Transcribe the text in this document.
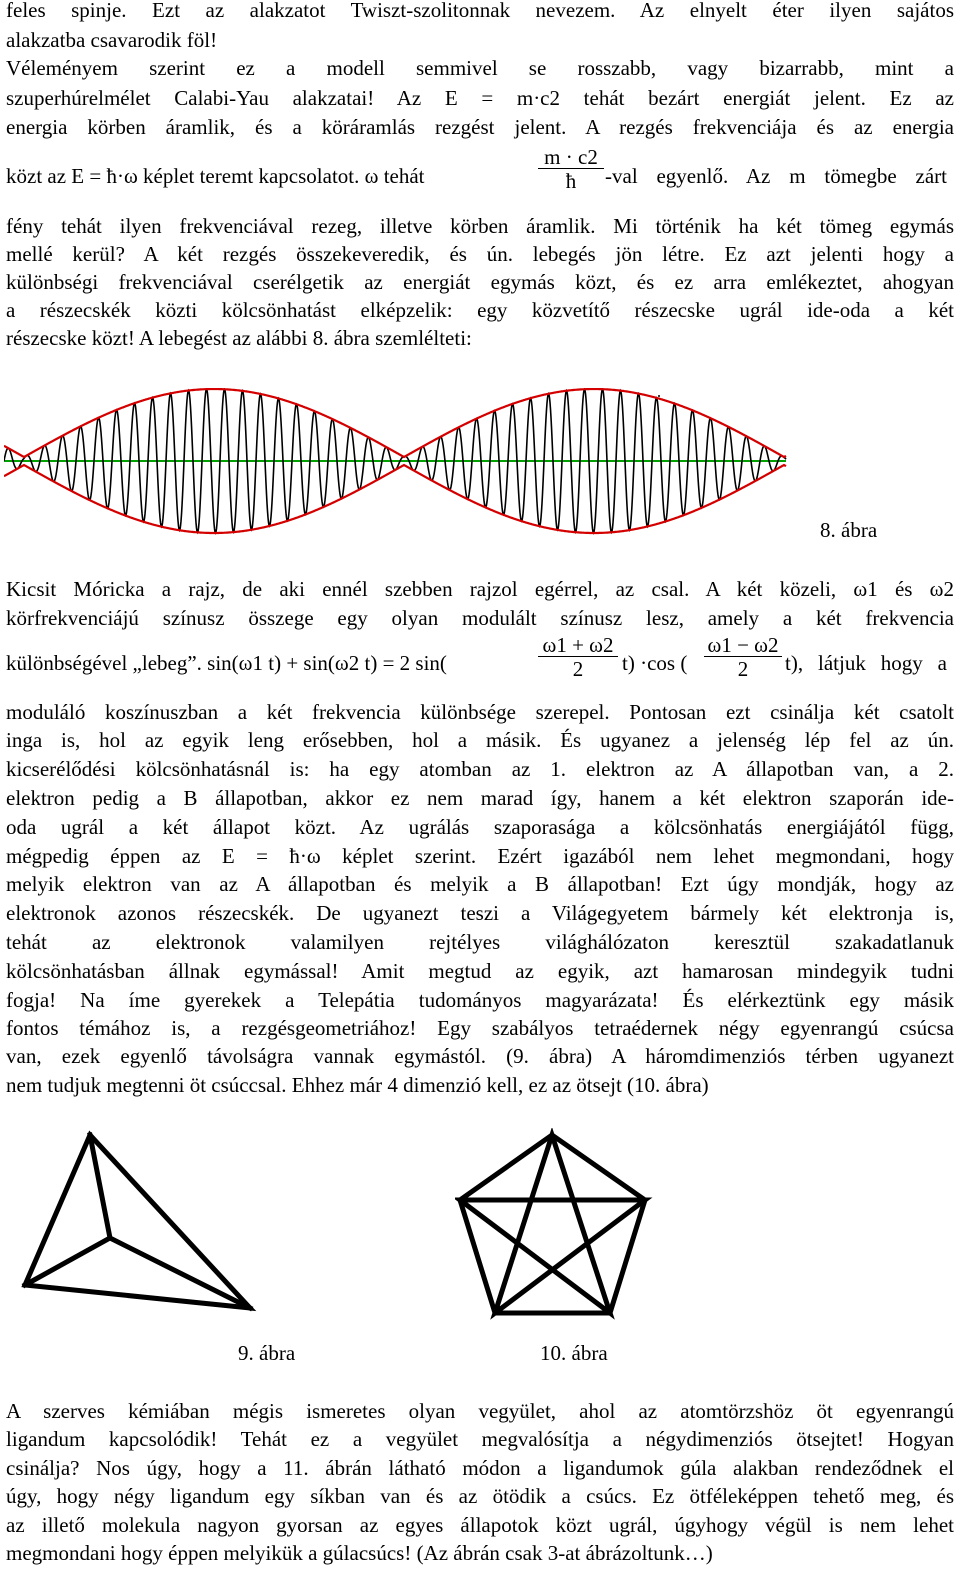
feles spinje. Ezt az alakzatot Twiszt-szolitonnak nevezem. Az elnyelt éter ilyen sajátos
alakzatba csavarodik föl!
Véleményem szerint ez a modell semmivel se rosszabb, vagy bizarrabb, mint a
szuperhúrelmélet Calabi-Yau alakzatai! Az E = m·c2 tehát bezárt energiát jelent. Ez az
energia körben áramlik, és a köráramlás rezgést jelent. A rezgés frekvenciája és az energia
közt az E = ħ·ω képlet teremt kapcsolatot. ω tehát
m · c2
ħ	-val egyenlő. Az m tömegbe zárt
fény tehát ilyen frekvenciával rezeg, illetve körben áramlik. Mi történik ha két tömeg egymás
mellé kerül? A két rezgés összekeveredik, és ún. lebegés jön létre. Ez azt jelenti hogy a
különbségi frekvenciával cserélgetik az energiát egymás közt, és ez arra emlékeztet, ahogyan
a részecskék közti kölcsönhatást elképzelik: egy közvetítő részecske ugrál ide-oda a két
részecske közt! A lebegést az alábbi 8. ábra szemlélteti:
8. ábra
Kicsit Móricka a rajz, de aki ennél szebben rajzol egérrel, az csal. A két közeli, ω1 és ω2
körfrekvenciájú színusz összege egy olyan modulált színusz lesz, amely a két frekvencia
különbségével „lebeg”. sin(ω1 t) + sin(ω2 t) = 2 sin(
ω1 + ω2
2	t) ·cos (
ω1 − ω2
2	t), látjuk hogy a
moduláló koszínuszban a két frekvencia különbsége szerepel. Pontosan ezt csinálja két csatolt
inga is, hol az egyik leng erősebben, hol a másik. És ugyanez a jelenség lép fel az ún.
kicserélődési kölcsönhatásnál is: ha egy atomban az 1. elektron az A állapotban van, a 2.
elektron pedig a B állapotban, akkor ez nem marad így, hanem a két elektron szaporán ide-
oda ugrál a két állapot közt. Az ugrálás szaporasága a kölcsönhatás energiájától függ,
mégpedig éppen az E = ħ·ω képlet szerint. Ezért igazából nem lehet megmondani, hogy
melyik elektron van az A állapotban és melyik a B állapotban! Ezt úgy mondják, hogy az
elektronok azonos részecskék. De ugyanezt teszi a Világegyetem bármely két elektronja is,
tehát az elektronok valamilyen rejtélyes világhálózaton keresztül szakadatlanuk
kölcsönhatásban állnak egymással! Amit megtud az egyik, azt hamarosan mindegyik tudni
fogja! Na íme gyerekek a Telepátia tudományos magyarázata! És elérkeztünk egy másik
fontos témához is, a rezgésgeometriához! Egy szabályos tetraédernek négy egyenrangú csúcsa
van, ezek egyenlő távolságra vannak egymástól. (9. ábra) A háromdimenziós térben ugyanezt
nem tudjuk megtenni öt csúccsal. Ehhez már 4 dimenzió kell, ez az ötsejt (10. ábra)
9. ábra	10. ábra
A szerves kémiában mégis ismeretes olyan vegyület, ahol az atomtörzshöz öt egyenrangú
ligandum kapcsolódik! Tehát ez a vegyület megvalósítja a négydimenziós ötsejtet! Hogyan
csinálja? Nos úgy, hogy a 11. ábrán látható módon a ligandumok gúla alakban rendeződnek el
úgy, hogy négy ligandum egy síkban van és az ötödik a csúcs. Ez ötféleképpen tehető meg, és
az illető molekula nagyon gyorsan az egyes állapotok közt ugrál, úgyhogy végül is nem lehet
megmondani hogy éppen melyikük a gúlacsúcs! (Az ábrán csak 3-at ábrázoltunk…)
